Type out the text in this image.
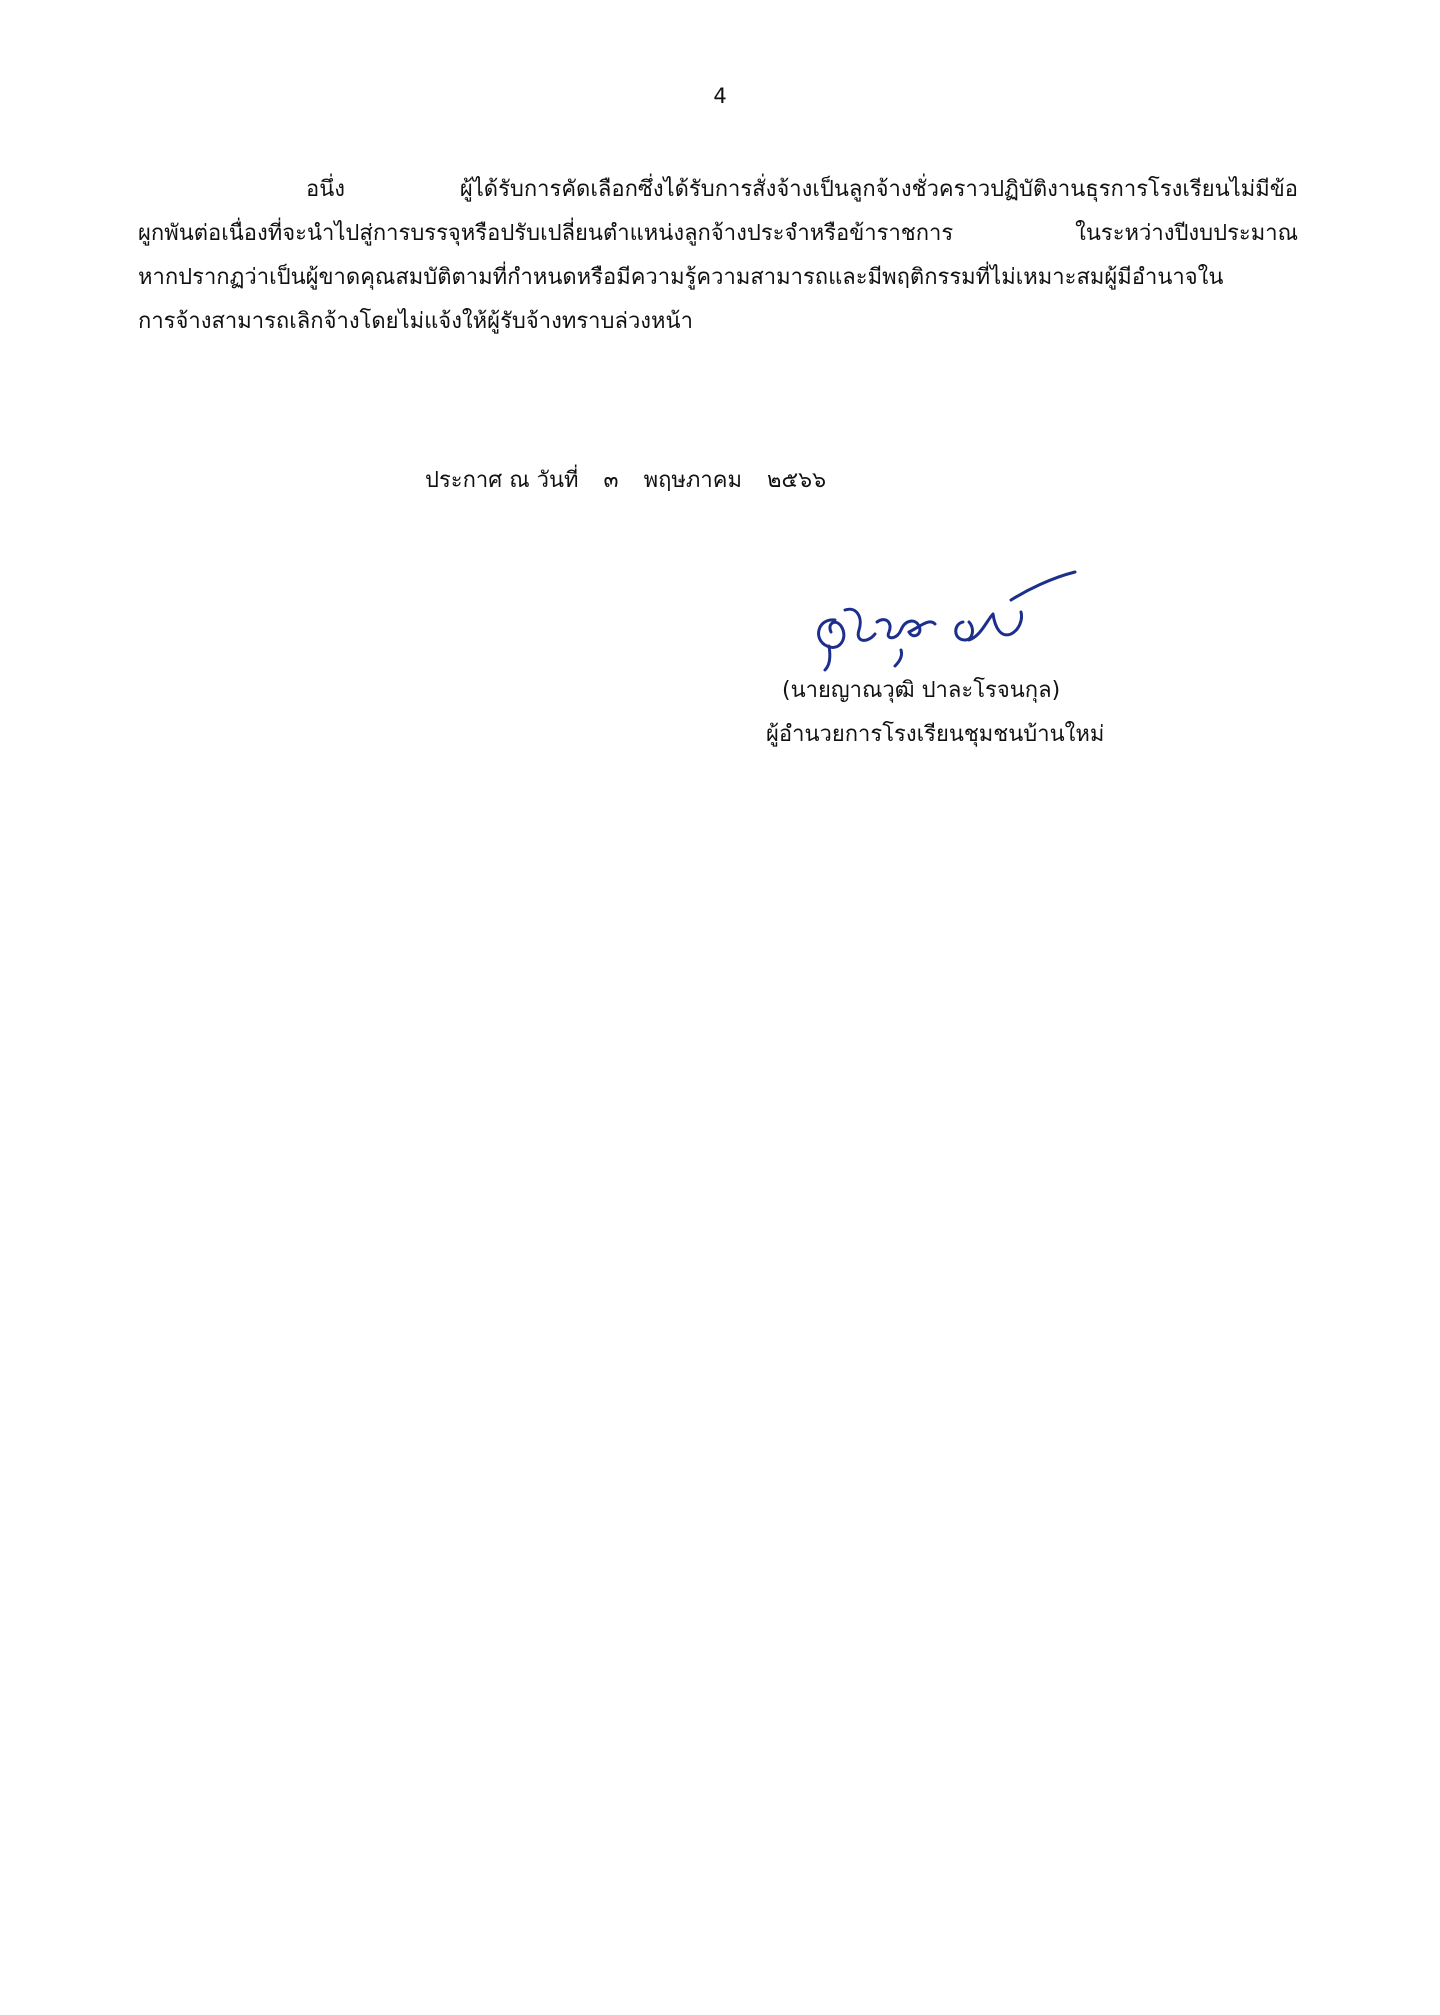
4
อนึ่ง ผู้ได้รับการคัดเลือกซึ่งได้รับการสั่งจ้างเป็นลูกจ้างชั่วคราวปฏิบัติงานธุรการโรงเรียนไม่มีข้อ
ผูกพันต่อเนื่องที่จะนำไปสู่การบรรจุหรือปรับเปลี่ยนตำแหน่งลูกจ้างประจำหรือข้าราชการ ในระหว่างปีงบประมาณ
หากปรากฏว่าเป็นผู้ขาดคุณสมบัติตามที่กำหนดหรือมีความรู้ความสามารถและมีพฤติกรรมที่ไม่เหมาะสมผู้มีอำนาจใน
การจ้างสามารถเลิกจ้างโดยไม่แจ้งให้ผู้รับจ้างทราบล่วงหน้า
ประกาศ ณ วันที่ ๓ พฤษภาคม ๒๕๖๖
(นายญาณวุฒิ ปาละโรจนกุล)
ผู้อำนวยการโรงเรียนชุมชนบ้านใหม่
